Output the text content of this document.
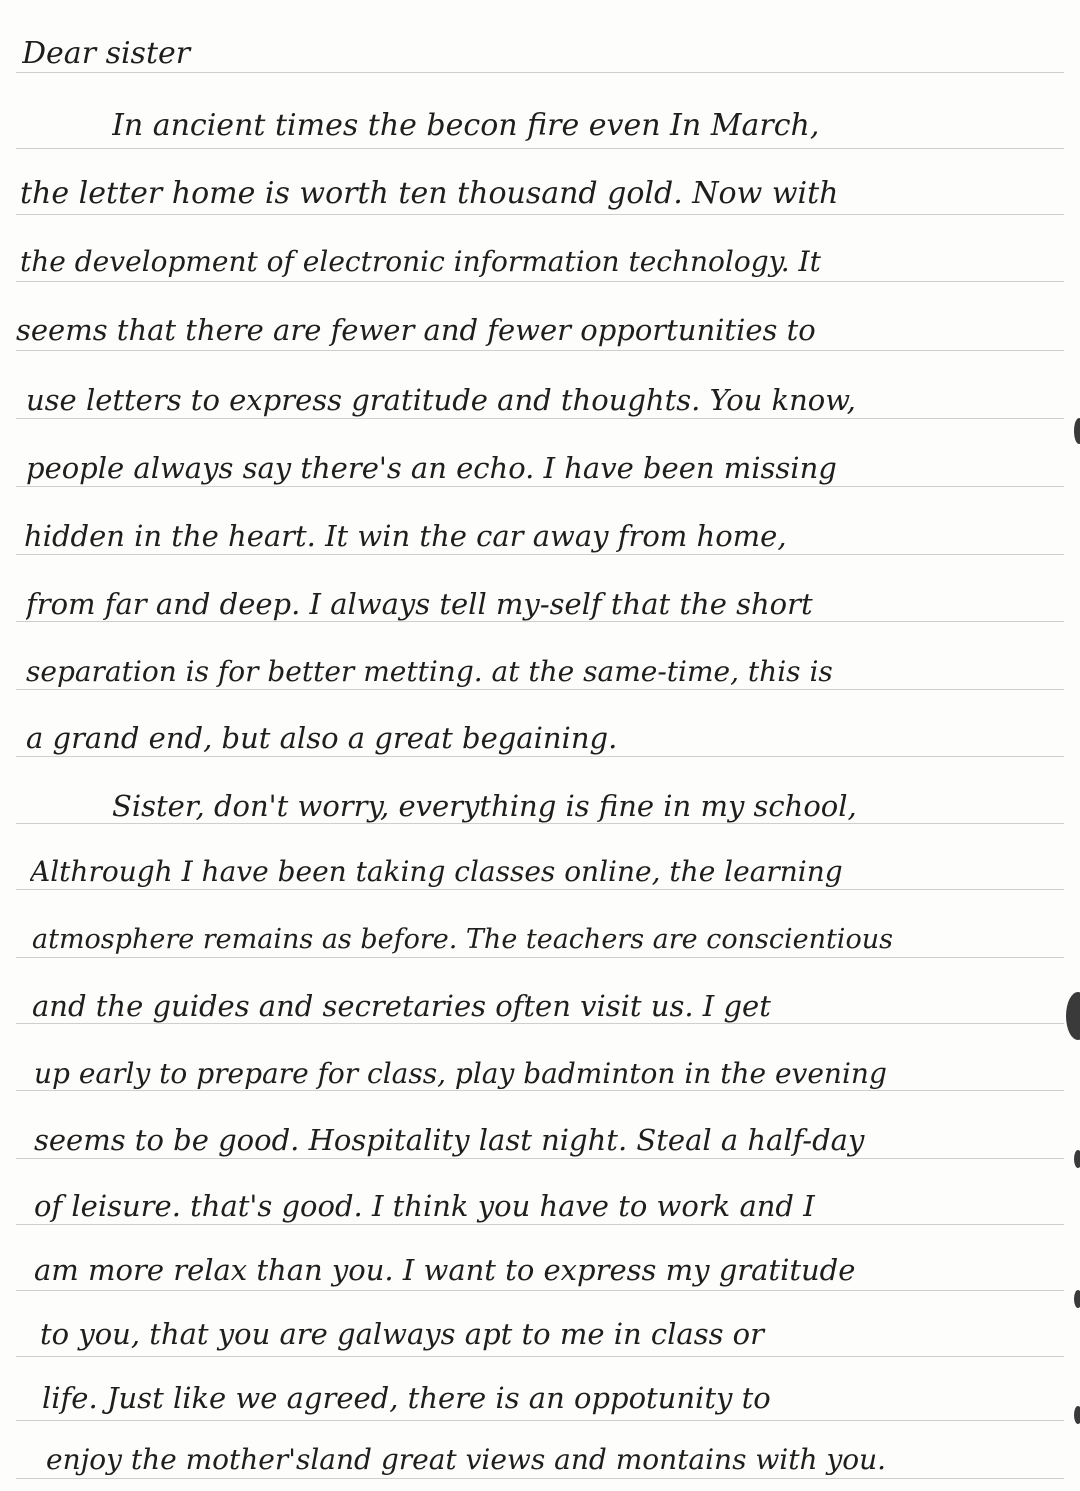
Dear sister
In ancient times the becon fire even In March,
the letter home is worth ten thousand gold. Now with
the development of electronic information technology. It
seems that there are fewer and fewer opportunities to
use letters to express gratitude and thoughts. You know,
people always say there's an echo. I have been missing
hidden in the heart. It win the car away from home,
from far and deep. I always tell my-self that the short
separation is for better metting. at the same-time, this is
a grand end, but also a great begaining.
Sister, don't worry, everything is fine in my school,
Althrough I have been taking classes online, the learning
atmosphere remains as before. The teachers are conscientious
and the guides and secretaries often visit us. I get
up early to prepare for class, play badminton in the evening
seems to be good. Hospitality last night. Steal a half-day
of leisure. that's good. I think you have to work and I
am more relax than you. I want to express my gratitude
to you, that you are galways apt to me in class or
life. Just like we agreed, there is an oppotunity to
enjoy the mother'sland great views and montains with you.
